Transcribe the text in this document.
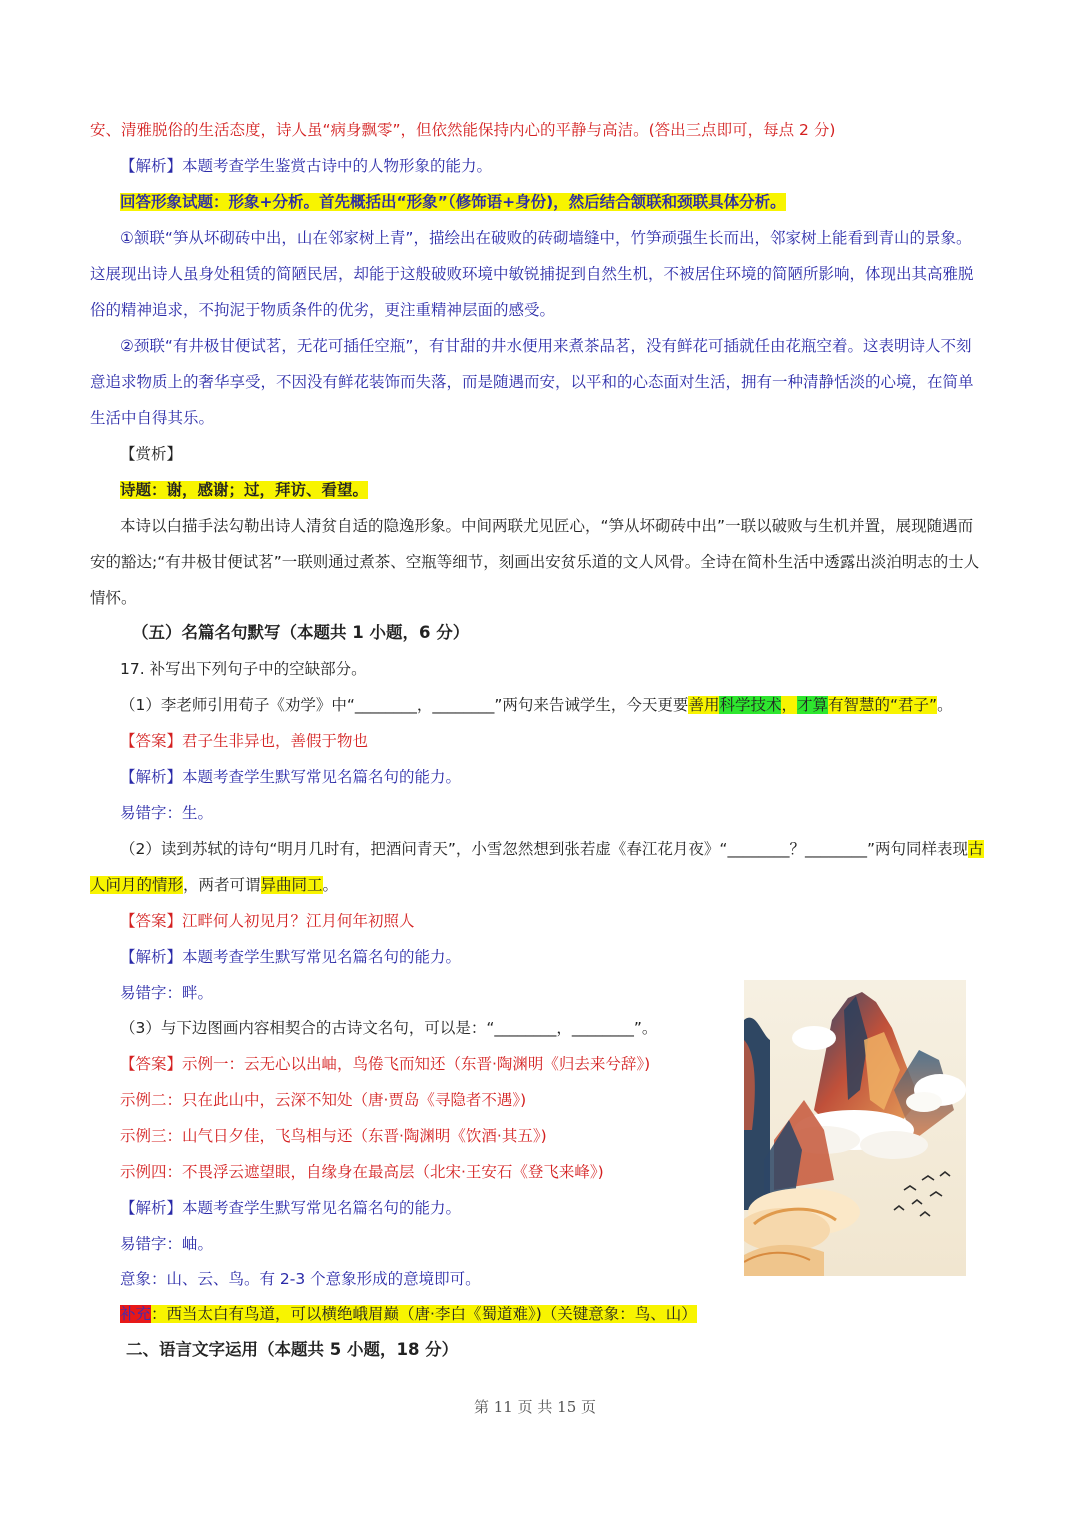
安、清雅脱俗的生活态度，诗人虽“病身飘零”，但依然能保持内心的平静与高洁。(答出三点即可，每点 2 分)
【解析】本题考查学生鉴赏古诗中的人物形象的能力。
回答形象试题：形象+分析。首先概括出“形象”（修饰语+身份)，然后结合颔联和颈联具体分析。
①颔联“笋从坏砌砖中出，山在邻家树上青”，描绘出在破败的砖砌墙缝中，竹笋顽强生长而出，邻家树上能看到青山的景象。
这展现出诗人虽身处租赁的简陋民居，却能于这般破败环境中敏锐捕捉到自然生机，不被居住环境的简陋所影响，体现出其高雅脱
俗的精神追求，不拘泥于物质条件的优劣，更注重精神层面的感受。
②颈联“有井极甘便试茗，无花可插任空瓶”，有甘甜的井水便用来煮茶品茗，没有鲜花可插就任由花瓶空着。这表明诗人不刻
意追求物质上的奢华享受，不因没有鲜花装饰而失落，而是随遇而安，以平和的心态面对生活，拥有一种清静恬淡的心境，在简单
生活中自得其乐。
【赏析】
诗题：谢，感谢；过，拜访、看望。
本诗以白描手法勾勒出诗人清贫自适的隐逸形象。中间两联尤见匠心，“笋从坏砌砖中出”一联以破败与生机并置，展现随遇而
安的豁达;“有井极甘便试茗”一联则通过煮茶、空瓶等细节，刻画出安贫乐道的文人风骨。全诗在简朴生活中透露出淡泊明志的士人
情怀。
（五）名篇名句默写（本题共 1 小题，6 分）
17. 补写出下列句子中的空缺部分。
（1）李老师引用荀子《劝学》中“________，________”两句来告诫学生，今天更要善用科学技术，才算有智慧的“君子”。
【答案】君子生非异也，善假于物也
【解析】本题考查学生默写常见名篇名句的能力。
易错字：生。
（2）读到苏轼的诗句“明月几时有，把酒问青天”，小雪忽然想到张若虚《春江花月夜》“________？________”两句同样表现古
人问月的情形，两者可谓异曲同工。
【答案】江畔何人初见月？江月何年初照人
【解析】本题考查学生默写常见名篇名句的能力。
易错字：畔。
（3）与下边图画内容相契合的古诗文名句，可以是：“________，________”。
【答案】示例一：云无心以出岫，鸟倦飞而知还（东晋·陶渊明《归去来兮辞》)
示例二：只在此山中，云深不知处（唐·贾岛《寻隐者不遇》)
示例三：山气日夕佳，飞鸟相与还（东晋·陶渊明《饮酒·其五》)
示例四：不畏浮云遮望眼，自缘身在最高层（北宋·王安石《登飞来峰》)
【解析】本题考查学生默写常见名篇名句的能力。
易错字：岫。
意象：山、云、鸟。有 2-3 个意象形成的意境即可。
补充：西当太白有鸟道，可以横绝峨眉巅（唐·李白《蜀道难》)（关键意象：鸟、山）
二、语言文字运用（本题共 5 小题，18 分）
第 11 页 共 15 页
